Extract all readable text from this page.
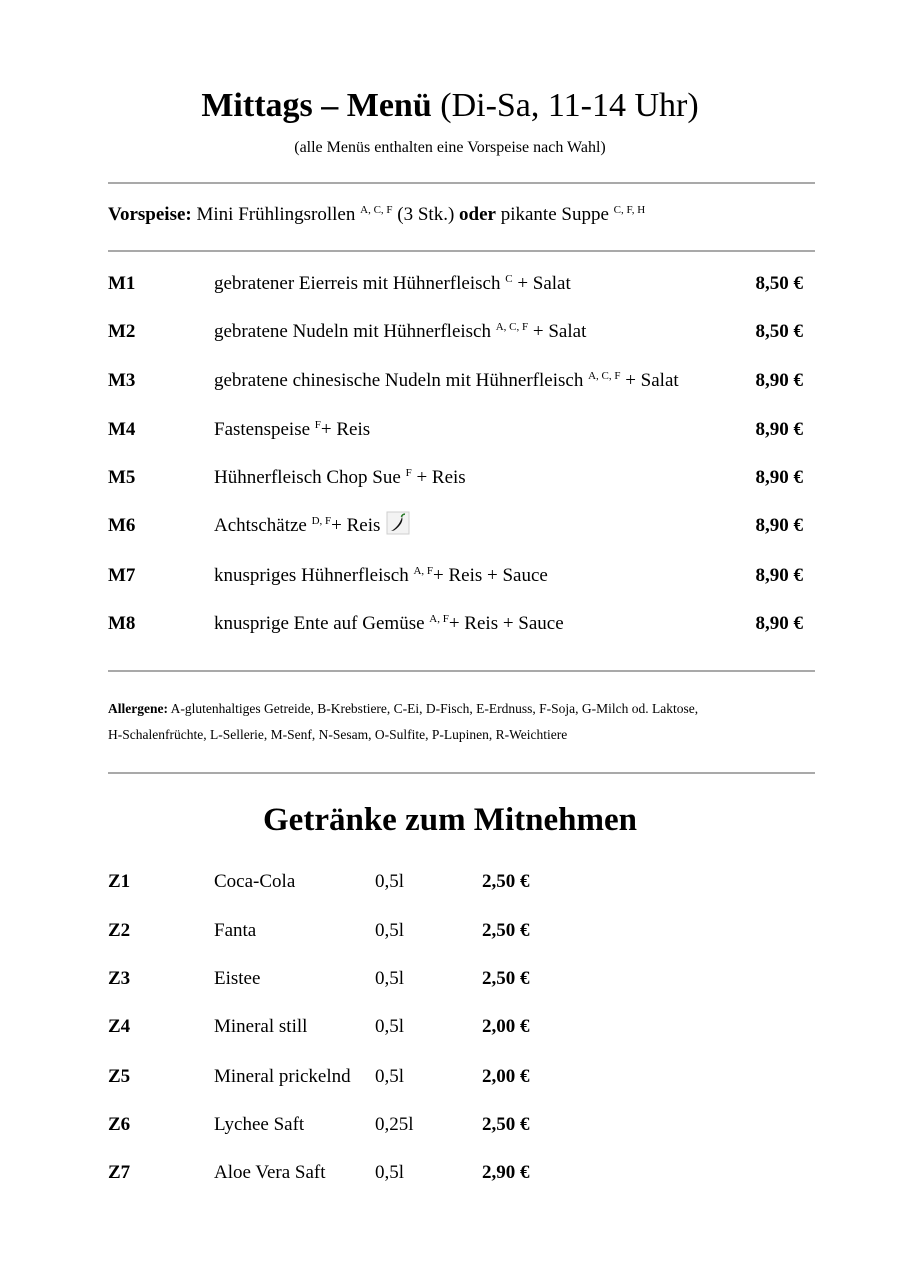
Mittags – Menü (Di-Sa, 11-14 Uhr)
(alle Menüs enthalten eine Vorspeise nach Wahl)
Vorspeise: Mini Frühlingsrollen $^{A, C, F}$ (3 Stk.) oder pikante Suppe $^{C, F, H}$
M1	gebratener Eierreis mit Hühnerfleisch $^C$ + Salat	8,50 €
M2	gebratene Nudeln mit Hühnerfleisch $^{A, C, F}$ + Salat	8,50 €
M3	gebratene chinesische Nudeln mit Hühnerfleisch $^{A, C, F}$ + Salat	8,90 €
M4	Fastenspeise $^F$+ Reis	8,90 €
M5	Hühnerfleisch Chop Sue $^F$ + Reis	8,90 €
M6	Achtschätze $^{D, F}$+ Reis	8,90 €
M7	knuspriges Hühnerfleisch $^{A, F}$+ Reis + Sauce	8,90 €
M8	knusprige Ente auf Gemüse $^{A, F}$+ Reis + Sauce	8,90 €
Allergene: A-glutenhaltiges Getreide, B-Krebstiere, C-Ei, D-Fisch, E-Erdnuss, F-Soja, G-Milch od. Laktose,
H-Schalenfrüchte, L-Sellerie, M-Senf, N-Sesam, O-Sulfite, P-Lupinen, R-Weichtiere
Getränke zum Mitnehmen
Z1	Coca-Cola	0,5l	2,50 €
Z2	Fanta	0,5l	2,50 €
Z3	Eistee	0,5l	2,50 €
Z4	Mineral still	0,5l	2,00 €
Z5	Mineral prickelnd 0,5l	2,00 €
Z6	Lychee Saft	0,25l	2,50 €
Z7	Aloe Vera Saft	0,5l	2,90 €
